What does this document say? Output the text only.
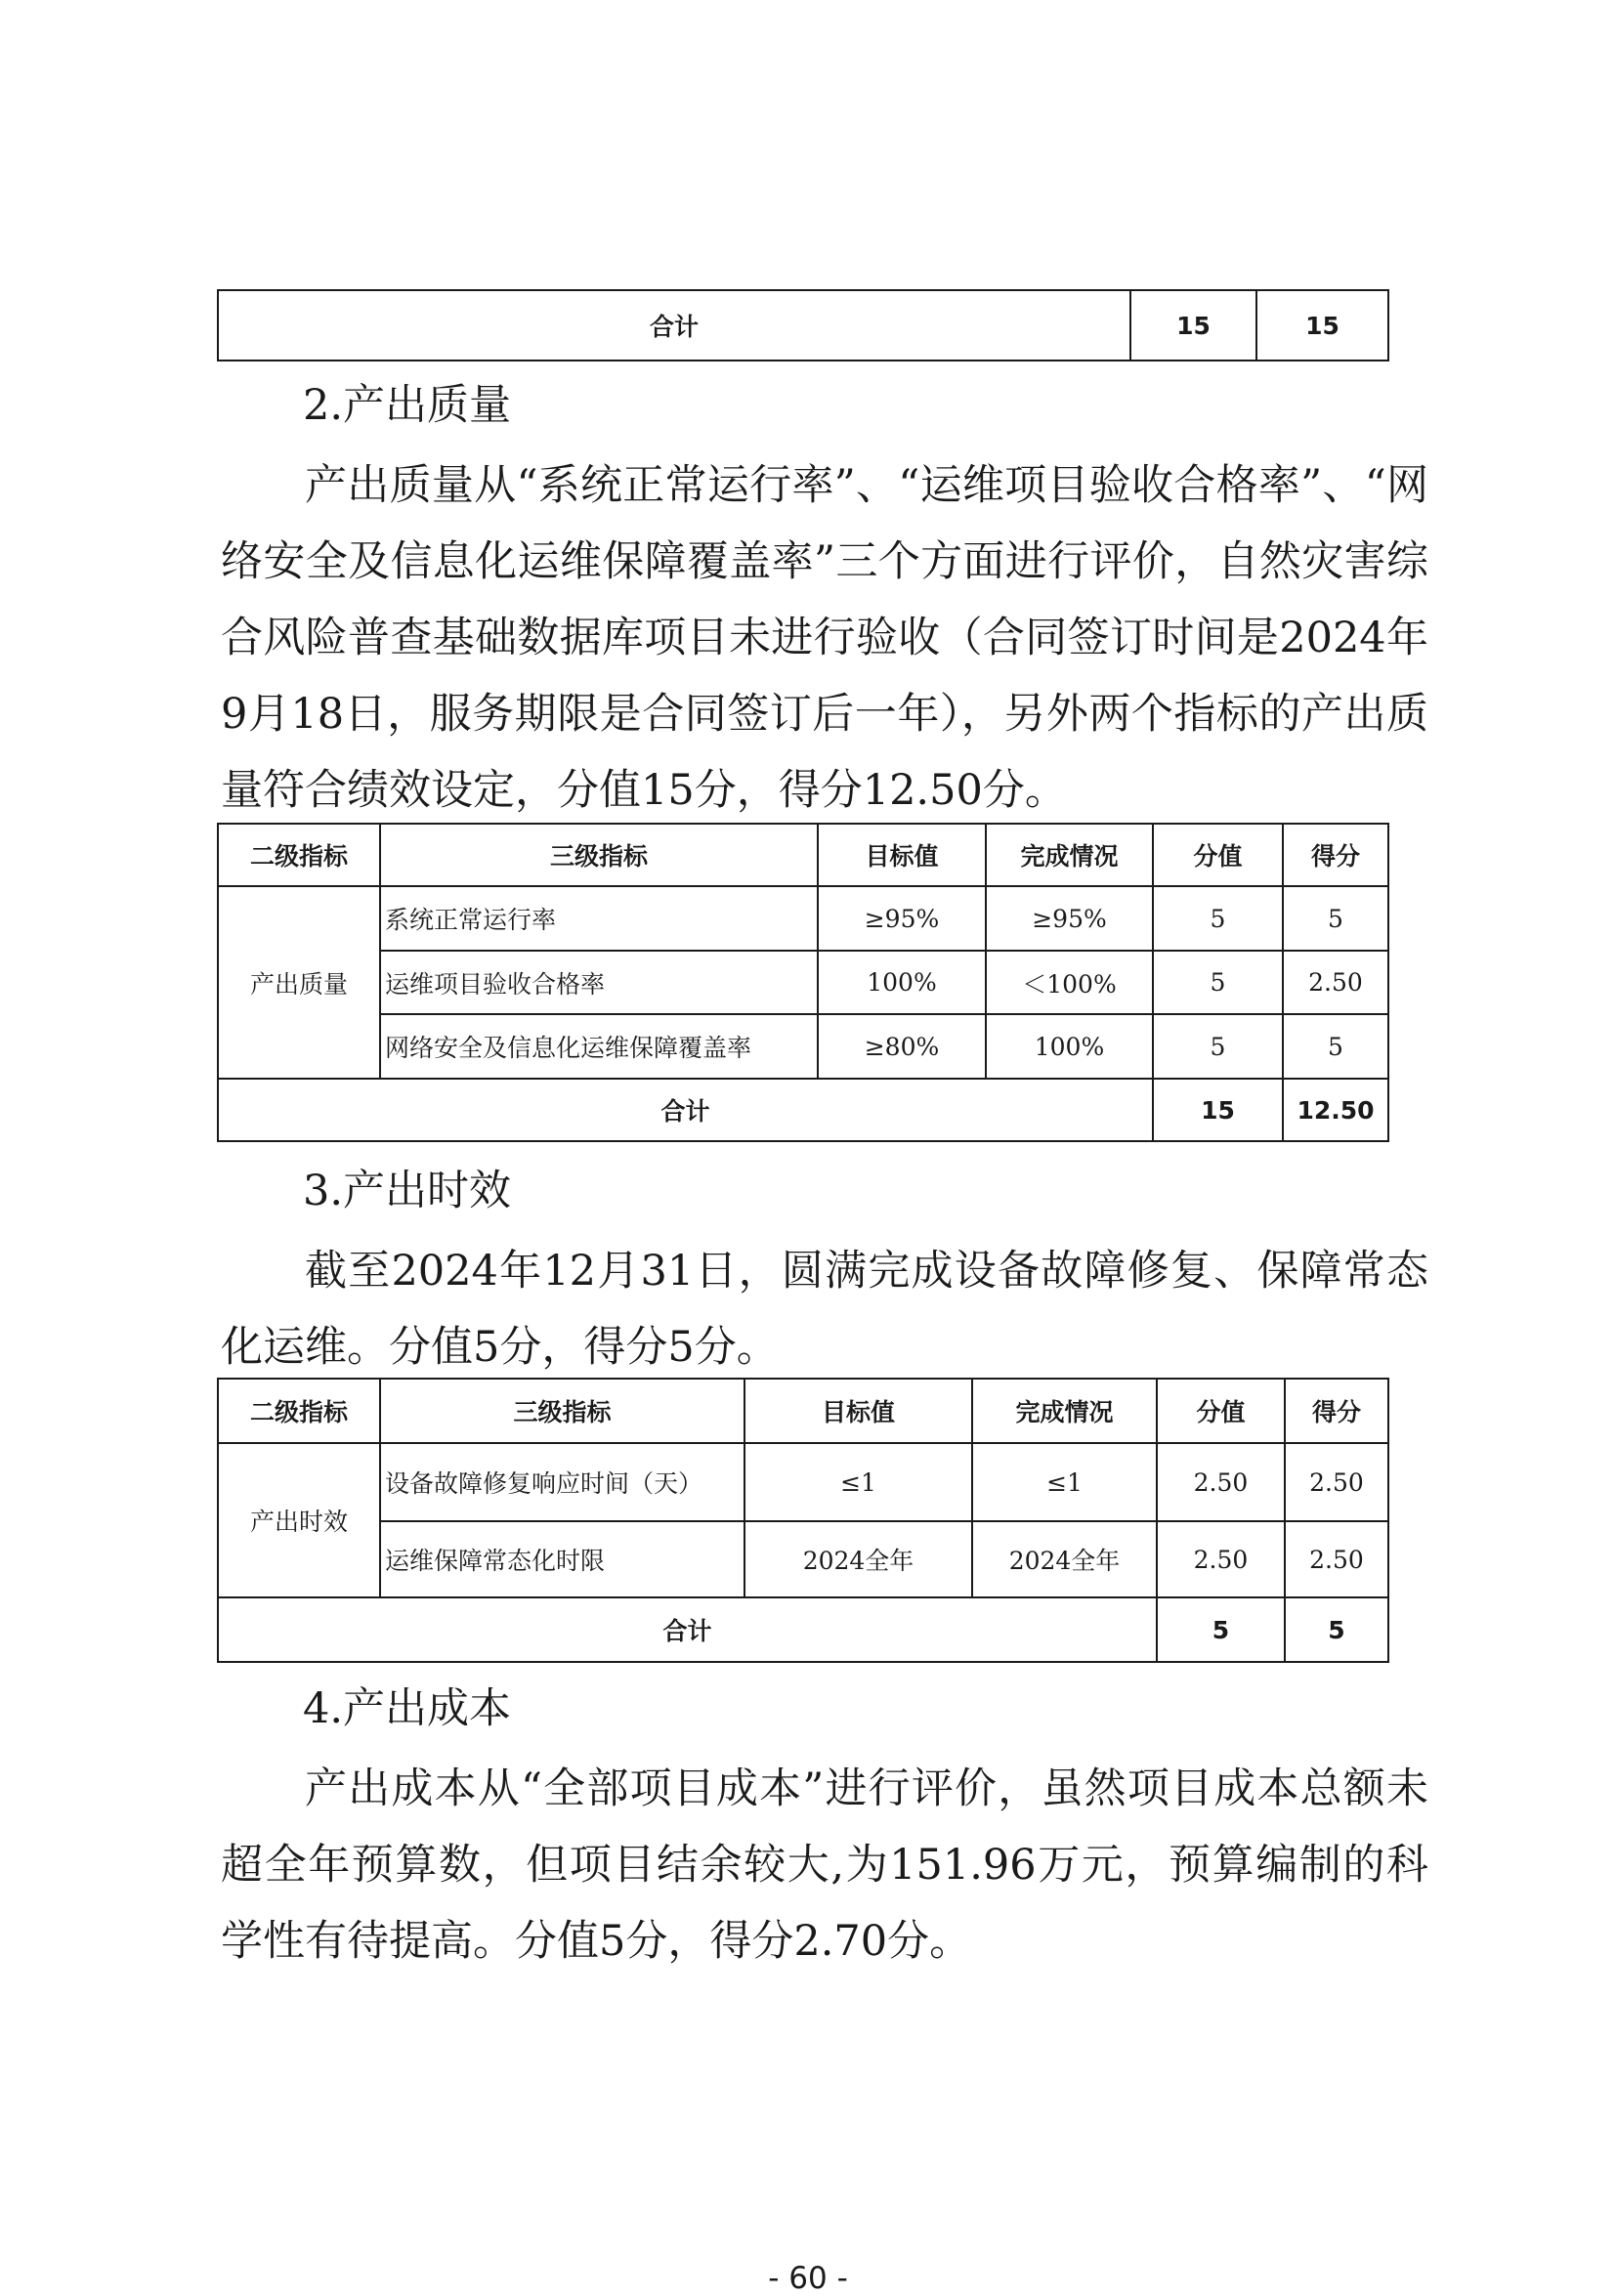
合计	15	15
2.产出质量

产出质量从“系统正常运行率”、“运维项目验收合格率”、“网络安全及信息化运维保障覆盖率”三个方面进行评价，自然灾害综合风险普查基础数据库项目未进行验收（合同签订时间是2024年9月18日，服务期限是合同签订后一年），另外两个指标的产出质量符合绩效设定，分值15分，得分12.50分。

二级指标	三级指标	目标值	完成情况	分值	得分
产出质量	系统正常运行率	≥95%	≥95%	5	5
	运维项目验收合格率	100%	＜100%	5	2.50
	网络安全及信息化运维保障覆盖率	≥80%	100%	5	5
合计				15	12.50
3.产出时效

截至2024年12月31日，圆满完成设备故障修复、保障常态化运维。分值5分，得分5分。

二级指标	三级指标	目标值	完成情况	分值	得分
产出时效	设备故障修复响应时间（天）	≤1	≤1	2.50	2.50
	运维保障常态化时限	2024全年	2024全年	2.50	2.50
合计				5	5
4.产出成本

产出成本从“全部项目成本”进行评价，虽然项目成本总额未超全年预算数，但项目结余较大,为151.96万元，预算编制的科学性有待提高。分值5分，得分2.70分。

- 60 -
